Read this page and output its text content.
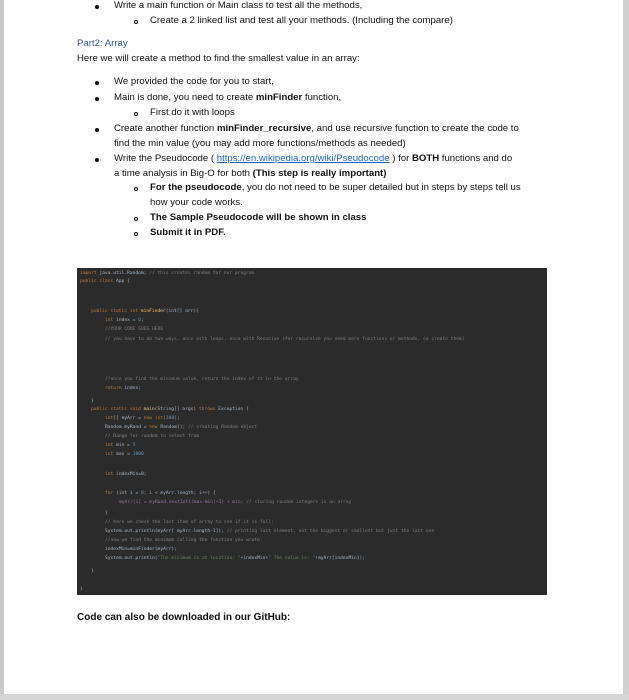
Write a main function or Main class to test all the methods,
Create a 2 linked list and test all your methods. (Including the compare)
Part2: Array
Here we will create a method to find the smallest value in an array:
We provided the code for you to start,
Main is done, you need to create minFinder function,
First do it with loops
Create another function minFinder_recursive, and use recursive function to create the code to
find the min value (you may add more functions/methods as needed)
Write the Pseudocode ( https://en.wikipedia.org/wiki/Pseudocode ) for BOTH functions and do
a time analysis in Big-O for both (This step is really important)
For the pseudocode, you do not need to be super detailed but in steps by steps tell us
how your code works.
The Sample Pseudocode will be shown in class
Submit it in PDF.
import java.util.Random; // this creates random for our program
public class App {
public static int minFinder(int[] arr){
int index = 0;
//YOUR CODE GOES HERE
// you have to do two ways, once with loops, once with Recusive (for recursive you need more functions or methods, so create them)
//once you find the minimum value, return the index of it in the array
return index;
}
public static void main(String[] args) throws Exception {
int[] myArr = new int[100];
Random myRand = new Random(); // creating Random object
// Range for random to select from
int min = 5
int max = 1000
int indexMin=0;
for (int i = 0; i < myArr.length; i++) {
myArr[i] = myRand.nextInt((max-min)+1) + min; // storing random integers in an array
}
// here we check the last item of array to see if it is full:
System.out.println(myArr[ myArr.length-1]); // printing last element, not the biggest or smallest but just the last one
//now we find the minimum calling the function you wrote:
indexMin=minFinder(myArr);
System.out.println("The minimum is at location: "+indexMin+" The value is: "+myArr[indexMin]);
}
}
Code can also be downloaded in our GitHub:
